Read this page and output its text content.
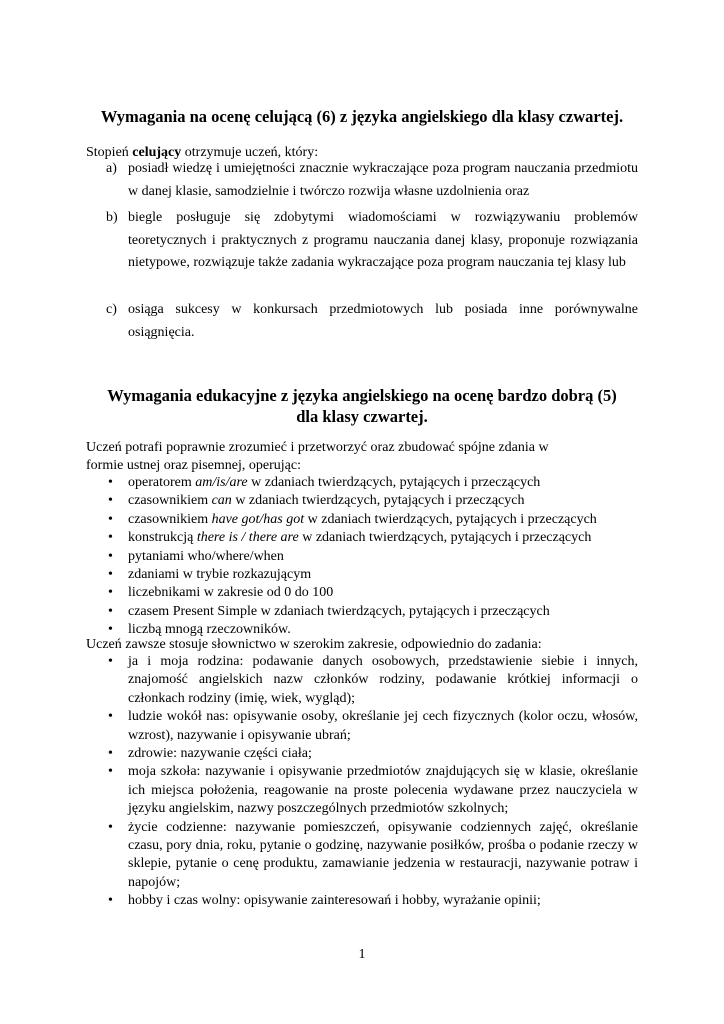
Wymagania na ocenę celującą (6) z języka angielskiego dla klasy czwartej.
Stopień celujący otrzymuje uczeń, który:
a) posiadł wiedzę i umiejętności znacznie wykraczające poza program nauczania przedmiotu w danej klasie, samodzielnie i twórczo rozwija własne uzdolnienia oraz
b) biegle posługuje się zdobytymi wiadomościami w rozwiązywaniu problemów teoretycznych i praktycznych z programu nauczania danej klasy, proponuje rozwiązania nietypowe, rozwiązuje także zadania wykraczające poza program nauczania tej klasy lub
c) osiąga sukcesy w konkursach przedmiotowych lub posiada inne porównywalne osiągnięcia.
Wymagania edukacyjne z języka angielskiego na ocenę bardzo dobrą (5)
dla klasy czwartej.
Uczeń potrafi poprawnie zrozumieć i przetworzyć oraz zbudować spójne zdania w
formie ustnej oraz pisemnej, operując:
• operatorem am/is/are w zdaniach twierdzących, pytających i przeczących
• czasownikiem can w zdaniach twierdzących, pytających i przeczących
• czasownikiem have got/has got w zdaniach twierdzących, pytających i przeczących
• konstrukcją there is / there are w zdaniach twierdzących, pytających i przeczących
• pytaniami who/where/when
• zdaniami w trybie rozkazującym
• liczebnikami w zakresie od 0 do 100
• czasem Present Simple w zdaniach twierdzących, pytających i przeczących
• liczbą mnogą rzeczowników.
Uczeń zawsze stosuje słownictwo w szerokim zakresie, odpowiednio do zadania:
• ja i moja rodzina: podawanie danych osobowych, przedstawienie siebie i innych, znajomość angielskich nazw członków rodziny, podawanie krótkiej informacji o członkach rodziny (imię, wiek, wygląd);
• ludzie wokół nas: opisywanie osoby, określanie jej cech fizycznych (kolor oczu, włosów, wzrost), nazywanie i opisywanie ubrań;
• zdrowie: nazywanie części ciała;
• moja szkoła: nazywanie i opisywanie przedmiotów znajdujących się w klasie, określanie ich miejsca położenia, reagowanie na proste polecenia wydawane przez nauczyciela w języku angielskim, nazwy poszczególnych przedmiotów szkolnych;
• życie codzienne: nazywanie pomieszczeń, opisywanie codziennych zajęć, określanie czasu, pory dnia, roku, pytanie o godzinę, nazywanie posiłków, prośba o podanie rzeczy w sklepie, pytanie o cenę produktu, zamawianie jedzenia w restauracji, nazywanie potraw i napojów;
• hobby i czas wolny: opisywanie zainteresowań i hobby, wyrażanie opinii;
1
